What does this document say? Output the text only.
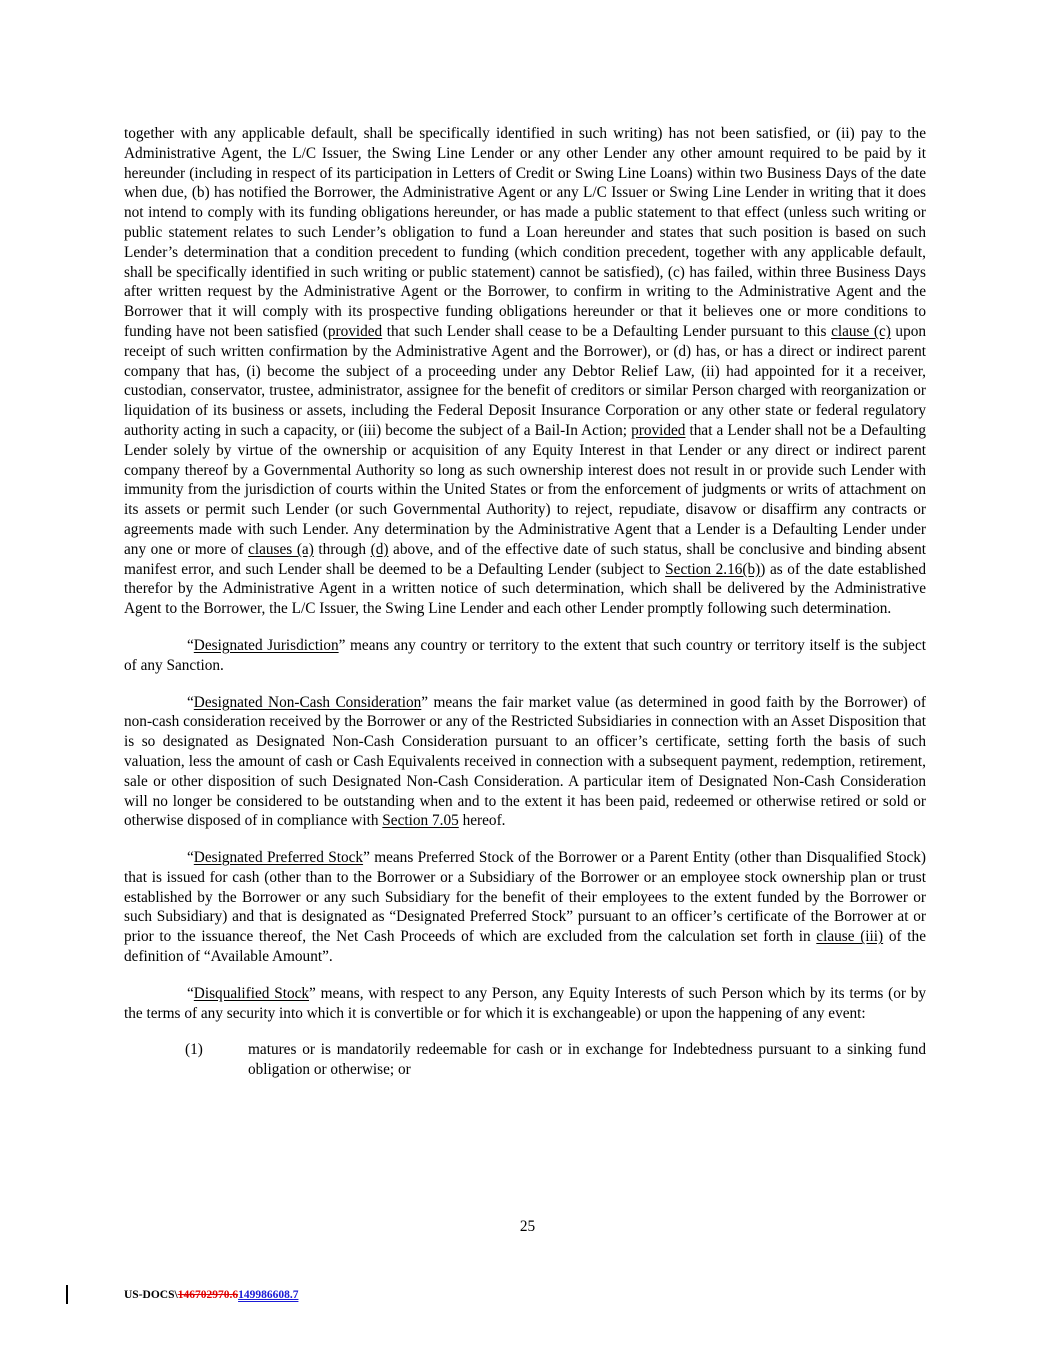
together with any applicable default, shall be specifically identified in such writing) has not been satisfied, or (ii) pay to the Administrative Agent, the L/C Issuer, the Swing Line Lender or any other Lender any other amount required to be paid by it hereunder (including in respect of its participation in Letters of Credit or Swing Line Loans) within two Business Days of the date when due, (b) has notified the Borrower, the Administrative Agent or any L/C Issuer or Swing Line Lender in writing that it does not intend to comply with its funding obligations hereunder, or has made a public statement to that effect (unless such writing or public statement relates to such Lender’s obligation to fund a Loan hereunder and states that such position is based on such Lender’s determination that a condition precedent to funding (which condition precedent, together with any applicable default, shall be specifically identified in such writing or public statement) cannot be satisfied), (c) has failed, within three Business Days after written request by the Administrative Agent or the Borrower, to confirm in writing to the Administrative Agent and the Borrower that it will comply with its prospective funding obligations hereunder or that it believes one or more conditions to funding have not been satisfied (provided that such Lender shall cease to be a Defaulting Lender pursuant to this clause (c) upon receipt of such written confirmation by the Administrative Agent and the Borrower), or (d) has, or has a direct or indirect parent company that has, (i) become the subject of a proceeding under any Debtor Relief Law, (ii) had appointed for it a receiver, custodian, conservator, trustee, administrator, assignee for the benefit of creditors or similar Person charged with reorganization or liquidation of its business or assets, including the Federal Deposit Insurance Corporation or any other state or federal regulatory authority acting in such a capacity, or (iii) become the subject of a Bail-In Action; provided that a Lender shall not be a Defaulting Lender solely by virtue of the ownership or acquisition of any Equity Interest in that Lender or any direct or indirect parent company thereof by a Governmental Authority so long as such ownership interest does not result in or provide such Lender with immunity from the jurisdiction of courts within the United States or from the enforcement of judgments or writs of attachment on its assets or permit such Lender (or such Governmental Authority) to reject, repudiate, disavow or disaffirm any contracts or agreements made with such Lender. Any determination by the Administrative Agent that a Lender is a Defaulting Lender under any one or more of clauses (a) through (d) above, and of the effective date of such status, shall be conclusive and binding absent manifest error, and such Lender shall be deemed to be a Defaulting Lender (subject to Section 2.16(b)) as of the date established therefor by the Administrative Agent in a written notice of such determination, which shall be delivered by the Administrative Agent to the Borrower, the L/C Issuer, the Swing Line Lender and each other Lender promptly following such determination.

“Designated Jurisdiction” means any country or territory to the extent that such country or territory itself is the subject of any Sanction.

“Designated Non-Cash Consideration” means the fair market value (as determined in good faith by the Borrower) of non-cash consideration received by the Borrower or any of the Restricted Subsidiaries in connection with an Asset Disposition that is so designated as Designated Non-Cash Consideration pursuant to an officer’s certificate, setting forth the basis of such valuation, less the amount of cash or Cash Equivalents received in connection with a subsequent payment, redemption, retirement, sale or other disposition of such Designated Non-Cash Consideration. A particular item of Designated Non-Cash Consideration will no longer be considered to be outstanding when and to the extent it has been paid, redeemed or otherwise retired or sold or otherwise disposed of in compliance with Section 7.05 hereof.

“Designated Preferred Stock” means Preferred Stock of the Borrower or a Parent Entity (other than Disqualified Stock) that is issued for cash (other than to the Borrower or a Subsidiary of the Borrower or an employee stock ownership plan or trust established by the Borrower or any such Subsidiary for the benefit of their employees to the extent funded by the Borrower or such Subsidiary) and that is designated as “Designated Preferred Stock” pursuant to an officer’s certificate of the Borrower at or prior to the issuance thereof, the Net Cash Proceeds of which are excluded from the calculation set forth in clause (iii) of the definition of “Available Amount”.

“Disqualified Stock” means, with respect to any Person, any Equity Interests of such Person which by its terms (or by the terms of any security into which it is convertible or for which it is exchangeable) or upon the happening of any event:

(1)	matures or is mandatorily redeemable for cash or in exchange for Indebtedness pursuant to a sinking fund obligation or otherwise; or
25
US-DOCS\146702970.6149986608.7
